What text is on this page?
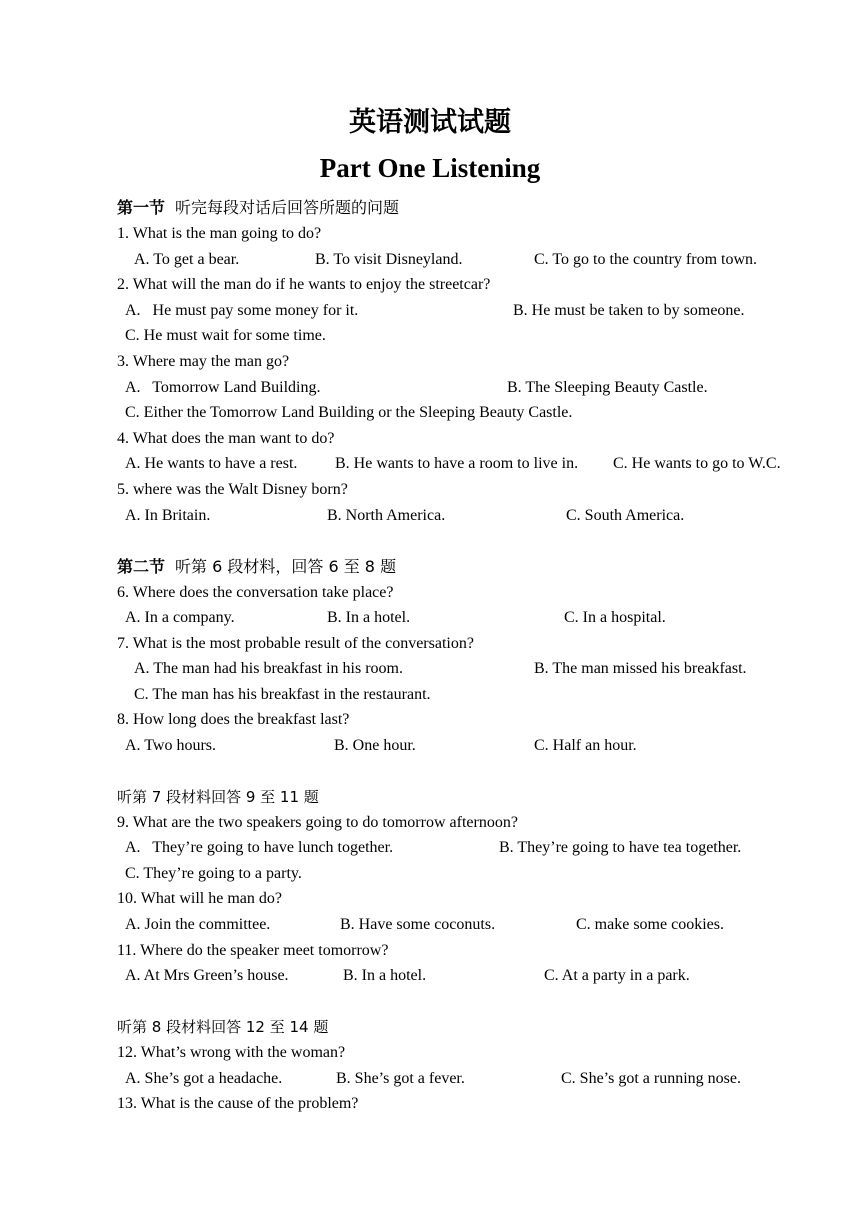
英语测试试题
Part One Listening
第一节 听完每段对话后回答所题的问题
1. What is the man going to do?
A. To get a bear.	B. To visit Disneyland.	C. To go to the country from town.
2. What will the man do if he wants to enjoy the streetcar?
A.   He must pay some money for it.	B. He must be taken to by someone.
C. He must wait for some time.
3. Where may the man go?
A.   Tomorrow Land Building.	B. The Sleeping Beauty Castle.
C. Either the Tomorrow Land Building or the Sleeping Beauty Castle.
4. What does the man want to do?
A. He wants to have a rest. B. He wants to have a room to live in. C. He wants to go to W.C.
5. where was the Walt Disney born?
A. In Britain.	B. North America.	C. South America.
第二节 听第 6 段材料，回答 6 至 8 题
6. Where does the conversation take place?
A. In a company.	B. In a hotel.	C. In a hospital.
7. What is the most probable result of the conversation?
A. The man had his breakfast in his room.	B. The man missed his breakfast.
C. The man has his breakfast in the restaurant.
8. How long does the breakfast last?
A. Two hours.	B. One hour.	C. Half an hour.
听第 7 段材料回答 9 至 11 题
9. What are the two speakers going to do tomorrow afternoon?
A.   They’re going to have lunch together.	B. They’re going to have tea together.
C. They’re going to a party.
10. What will he man do?
A. Join the committee.	B. Have some coconuts.	C. make some cookies.
11. Where do the speaker meet tomorrow?
A. At Mrs Green’s house.	B. In a hotel.	C. At a party in a park.
听第 8 段材料回答 12 至 14 题
12. What’s wrong with the woman?
A. She’s got a headache.	B. She’s got a fever.	C. She’s got a running nose.
13. What is the cause of the problem?
